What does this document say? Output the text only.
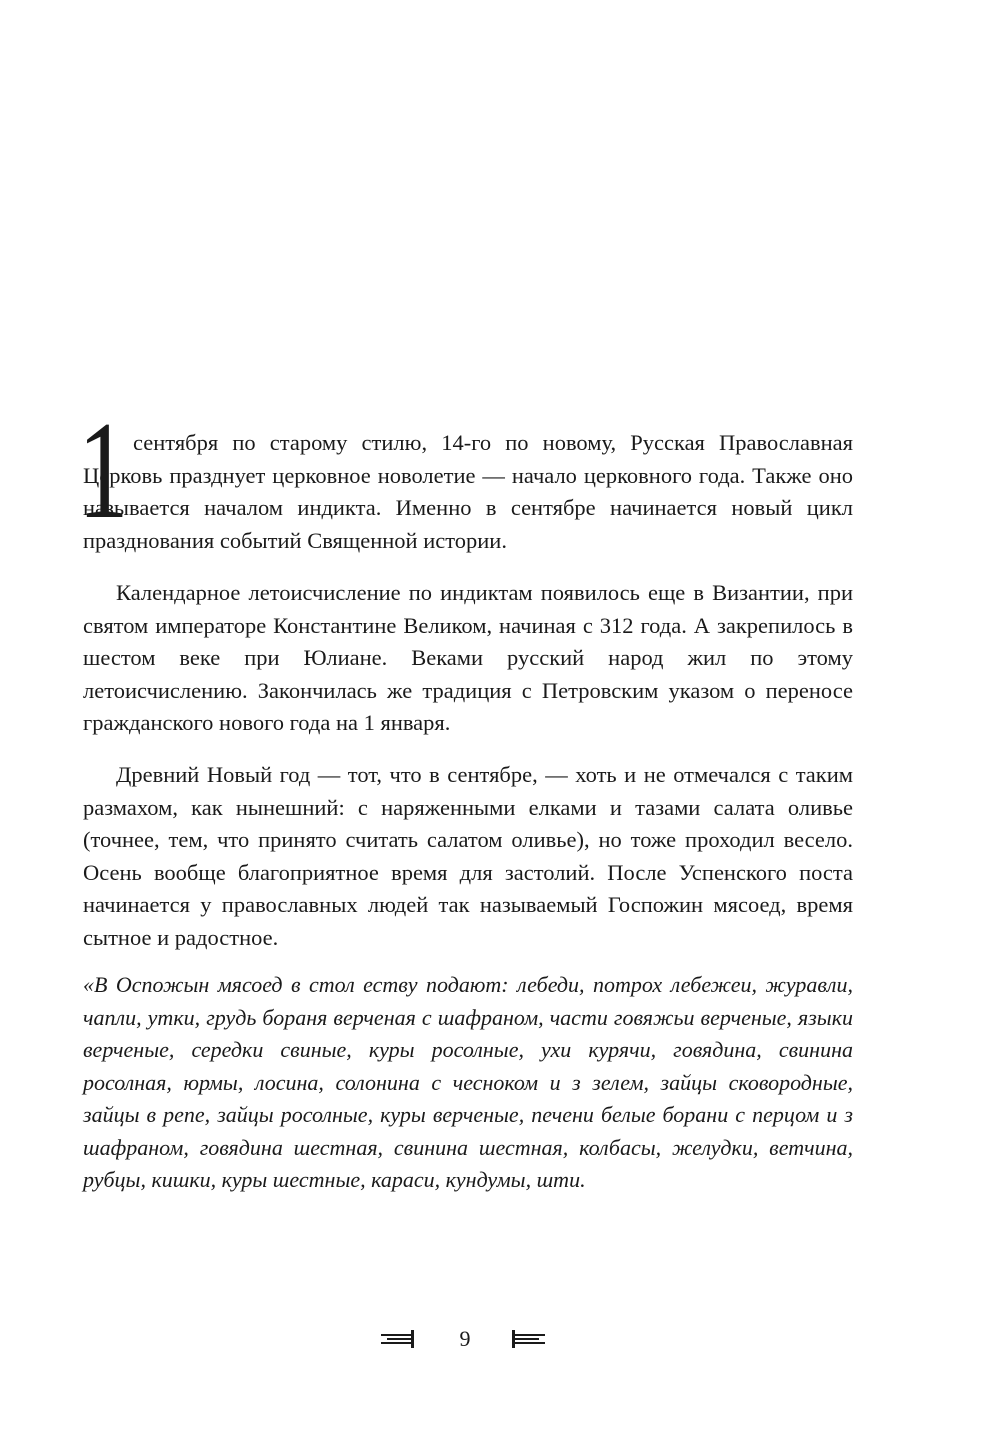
1 сентября по старому стилю, 14-го по новому, Русская Православная Церковь празднует церковное новолетие — начало церковного года. Также оно называется началом индикта. Именно в сентябре начинается новый цикл празднования событий Священной истории.

Календарное летоисчисление по индиктам появилось еще в Византии, при святом императоре Константине Великом, начиная с 312 года. А закрепилось в шестом веке при Юлиане. Веками русский народ жил по этому летоисчислению. Закончилась же традиция с Петровским указом о переносе гражданского нового года на 1 января.

Древний Новый год — тот, что в сентябре, — хоть и не отмечался с таким размахом, как нынешний: с наряженными елками и тазами салата оливье (точнее, тем, что принято считать салатом оливье), но тоже проходил весело. Осень вообще благоприятное время для застолий. После Успенского поста начинается у православных людей так называемый Госпожин мясоед, время сытное и радостное.

«В Оспожын мясоед в стол ествy подают: лебеди, потрох лебежеи, журавли, чапли, утки, грудь бораня верченая с шафраном, части говяжьи верченые, языки верченые, середки свиные, куры росолные, ухи курячи, говядина, свинина росолная, юрмы, лосина, солонина с чесноком и з зелем, зайцы сковородные, зайцы в репе, зайцы росолные, куры верченые, печени белые борани с перцом и з шафраном, говядина шестная, свинина шестная, колбасы, желудки, ветчина, рубцы, кишки, куры шестные, караси, кундумы, шти.

9
